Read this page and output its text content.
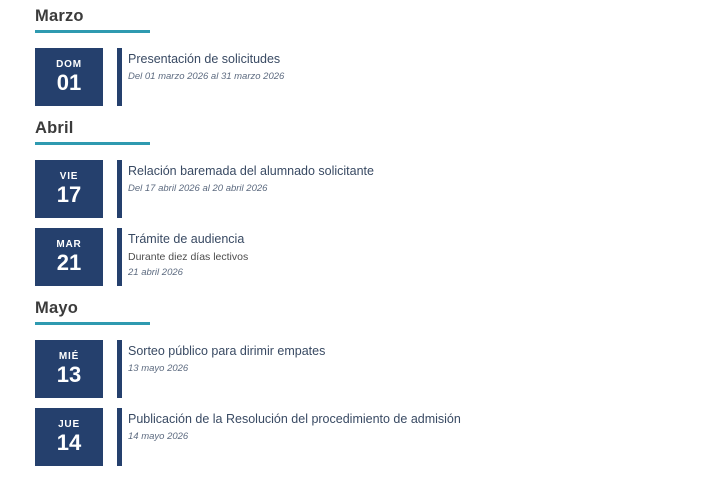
Marzo
DOM
01
Presentación de solicitudes

Del 01 marzo 2026 al 31 marzo 2026

Abril
VIE
17
Relación baremada del alumnado solicitante

Del 17 abril 2026 al 20 abril 2026

MAR
21
Trámite de audiencia

Durante diez días lectivos

21 abril 2026

Mayo
MIÉ
13
Sorteo público para dirimir empates

13 mayo 2026

JUE
14
Publicación de la Resolución del procedimiento de admisión

14 mayo 2026
